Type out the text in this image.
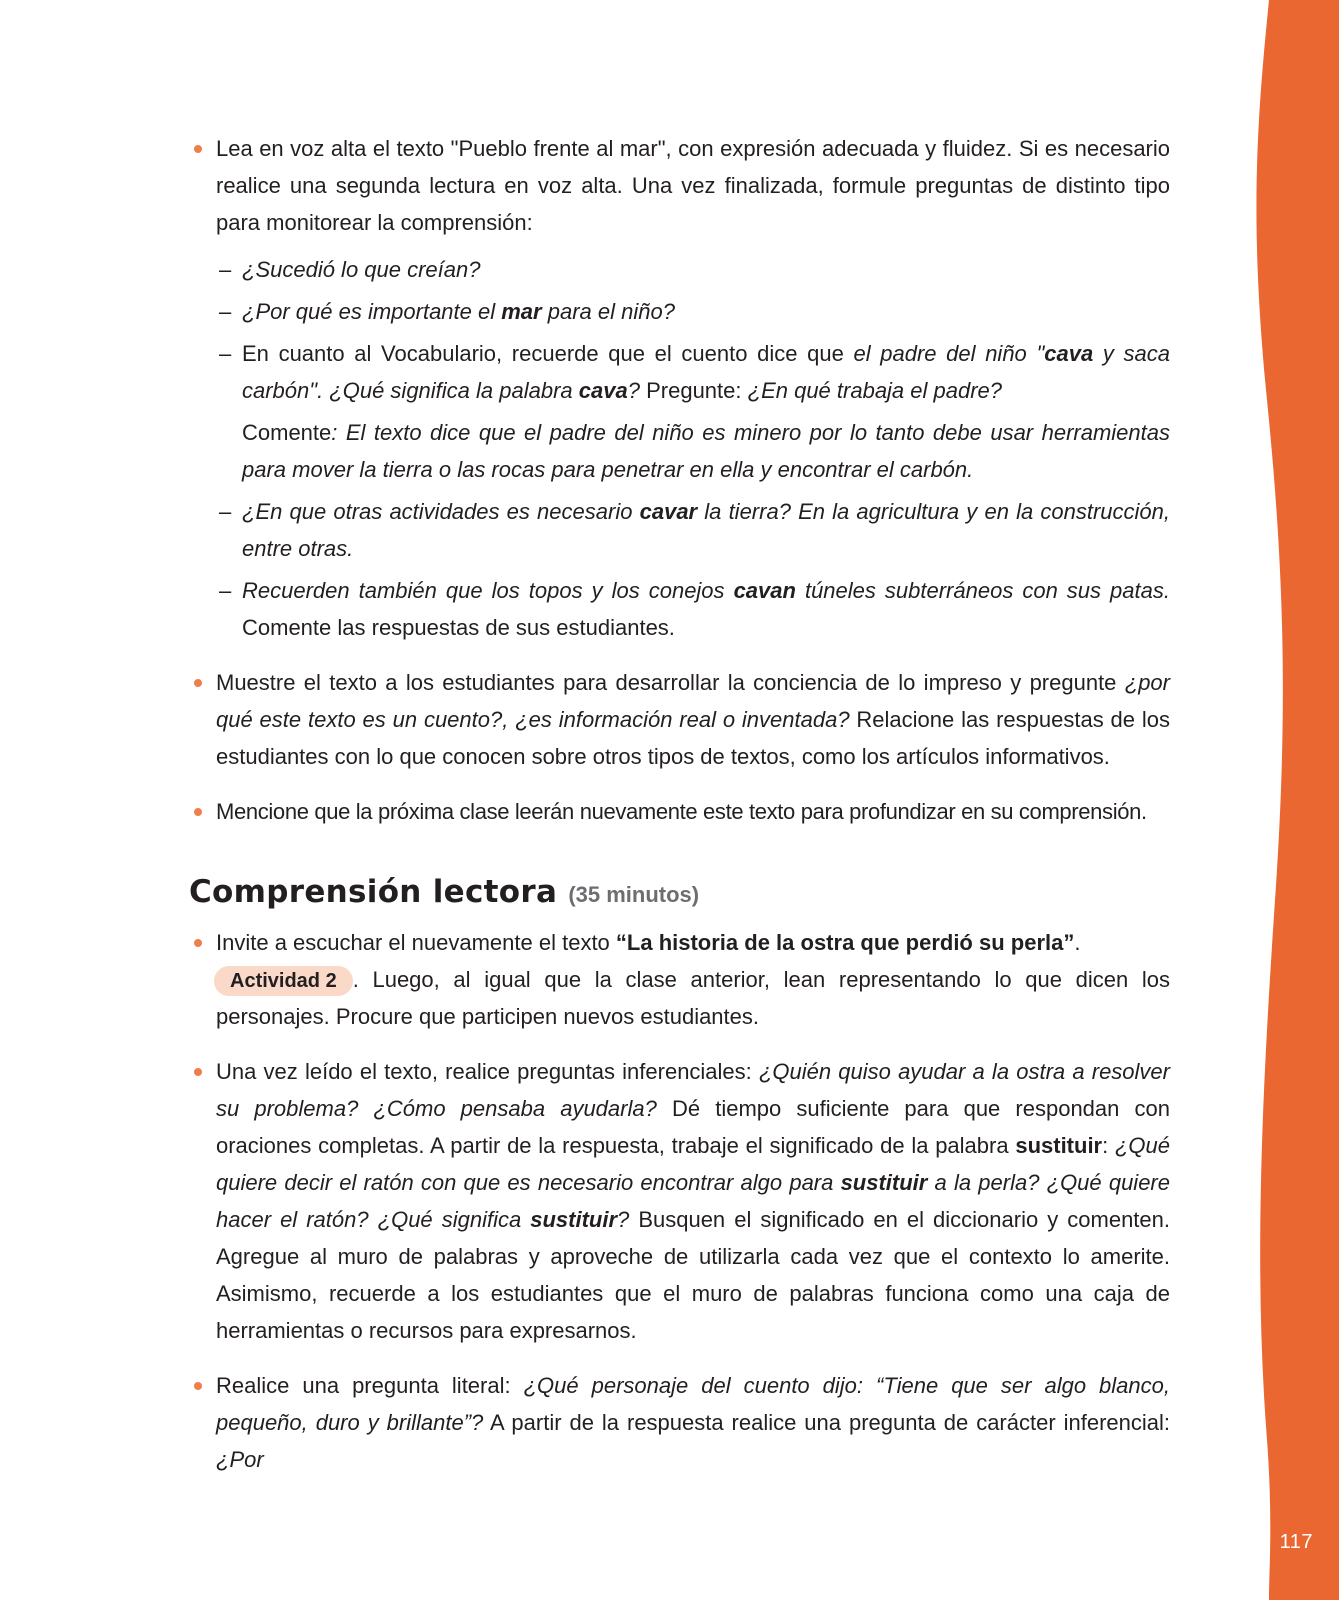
117
Lea en voz alta el texto "Pueblo frente al mar", con expresión adecuada y fluidez. Si es necesario realice una segunda lectura en voz alta. Una vez finalizada, formule preguntas de distinto tipo para monitorear la comprensión:
– ¿Sucedió lo que creían?
– ¿Por qué es importante el mar para el niño?
– En cuanto al Vocabulario, recuerde que el cuento dice que el padre del niño "cava y saca carbón". ¿Qué significa la palabra cava? Pregunte: ¿En qué trabaja el padre?
Comente: El texto dice que el padre del niño es minero por lo tanto debe usar herramientas para mover la tierra o las rocas para penetrar en ella y encontrar el carbón.
– ¿En que otras actividades es necesario cavar la tierra? En la agricultura y en la construcción, entre otras.
– Recuerden también que los topos y los conejos cavan túneles subterráneos con sus patas. Comente las respuestas de sus estudiantes.
Muestre el texto a los estudiantes para desarrollar la conciencia de lo impreso y pregunte ¿por qué este texto es un cuento?, ¿es información real o inventada? Relacione las respuestas de los estudiantes con lo que conocen sobre otros tipos de textos, como los artículos informativos.
Mencione que la próxima clase leerán nuevamente este texto para profundizar en su comprensión.
Comprensión lectora (35 minutos)
Invite a escuchar el nuevamente el texto “La historia de la ostra que perdió su perla”.
Actividad 2 . Luego, al igual que la clase anterior, lean representando lo que dicen los personajes. Procure que participen nuevos estudiantes.
Una vez leído el texto, realice preguntas inferenciales: ¿Quién quiso ayudar a la ostra a resolver su problema? ¿Cómo pensaba ayudarla? Dé tiempo suficiente para que respondan con oraciones completas. A partir de la respuesta, trabaje el significado de la palabra sustituir: ¿Qué quiere decir el ratón con que es necesario encontrar algo para sustituir a la perla? ¿Qué quiere hacer el ratón? ¿Qué significa sustituir? Busquen el significado en el diccionario y comenten. Agregue al muro de palabras y aproveche de utilizarla cada vez que el contexto lo amerite. Asimismo, recuerde a los estudiantes que el muro de palabras funciona como una caja de herramientas o recursos para expresarnos.
Realice una pregunta literal: ¿Qué personaje del cuento dijo: “Tiene que ser algo blanco, pequeño, duro y brillante”? A partir de la respuesta realice una pregunta de carácter inferencial: ¿Por
